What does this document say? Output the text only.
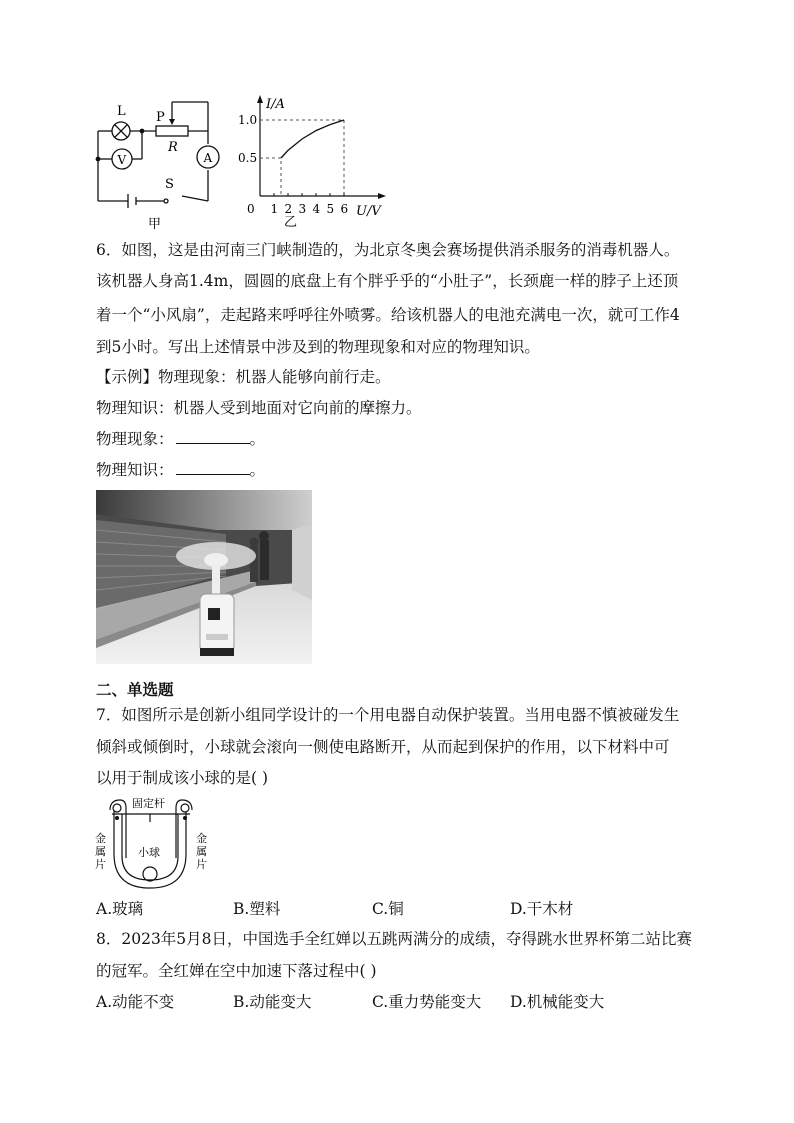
L
V
P
R
A
S
甲
1.0
0.5
1 2 3 4 5 6
I/A
U/V
0
乙
6．如图，这是由河南三门峡制造的，为北京冬奥会赛场提供消杀服务的消毒机器人。
该机器人身高1.4m，圆圆的底盘上有个胖乎乎的“小肚子”，长颈鹿一样的脖子上还顶
着一个“小风扇”，走起路来呼呼往外喷雾。给该机器人的电池充满电一次，就可工作4
到5小时。写出上述情景中涉及到的物理现象和对应的物理知识。
【示例】物理现象：机器人能够向前行走。
物理知识：机器人受到地面对它向前的摩擦力。
物理现象：	。
物理知识：	。
二、单选题
7．如图所示是创新小组同学设计的一个用电器自动保护装置。当用电器不慎被碰发生
倾斜或倾倒时，小球就会滚向一侧使电路断开，从而起到保护的作用，以下材料中可
以用于制成该小球的是( )
固定杆
小球
金
属
片
金
属
片
A.玻璃	B.塑料	C.铜	D.干木材
8．2023年5月8日，中国选手全红婵以五跳两满分的成绩，夺得跳水世界杯第二站比赛
的冠军。全红婵在空中加速下落过程中( )
A.动能不变	B.动能变大	C.重力势能变大 D.机械能变大
